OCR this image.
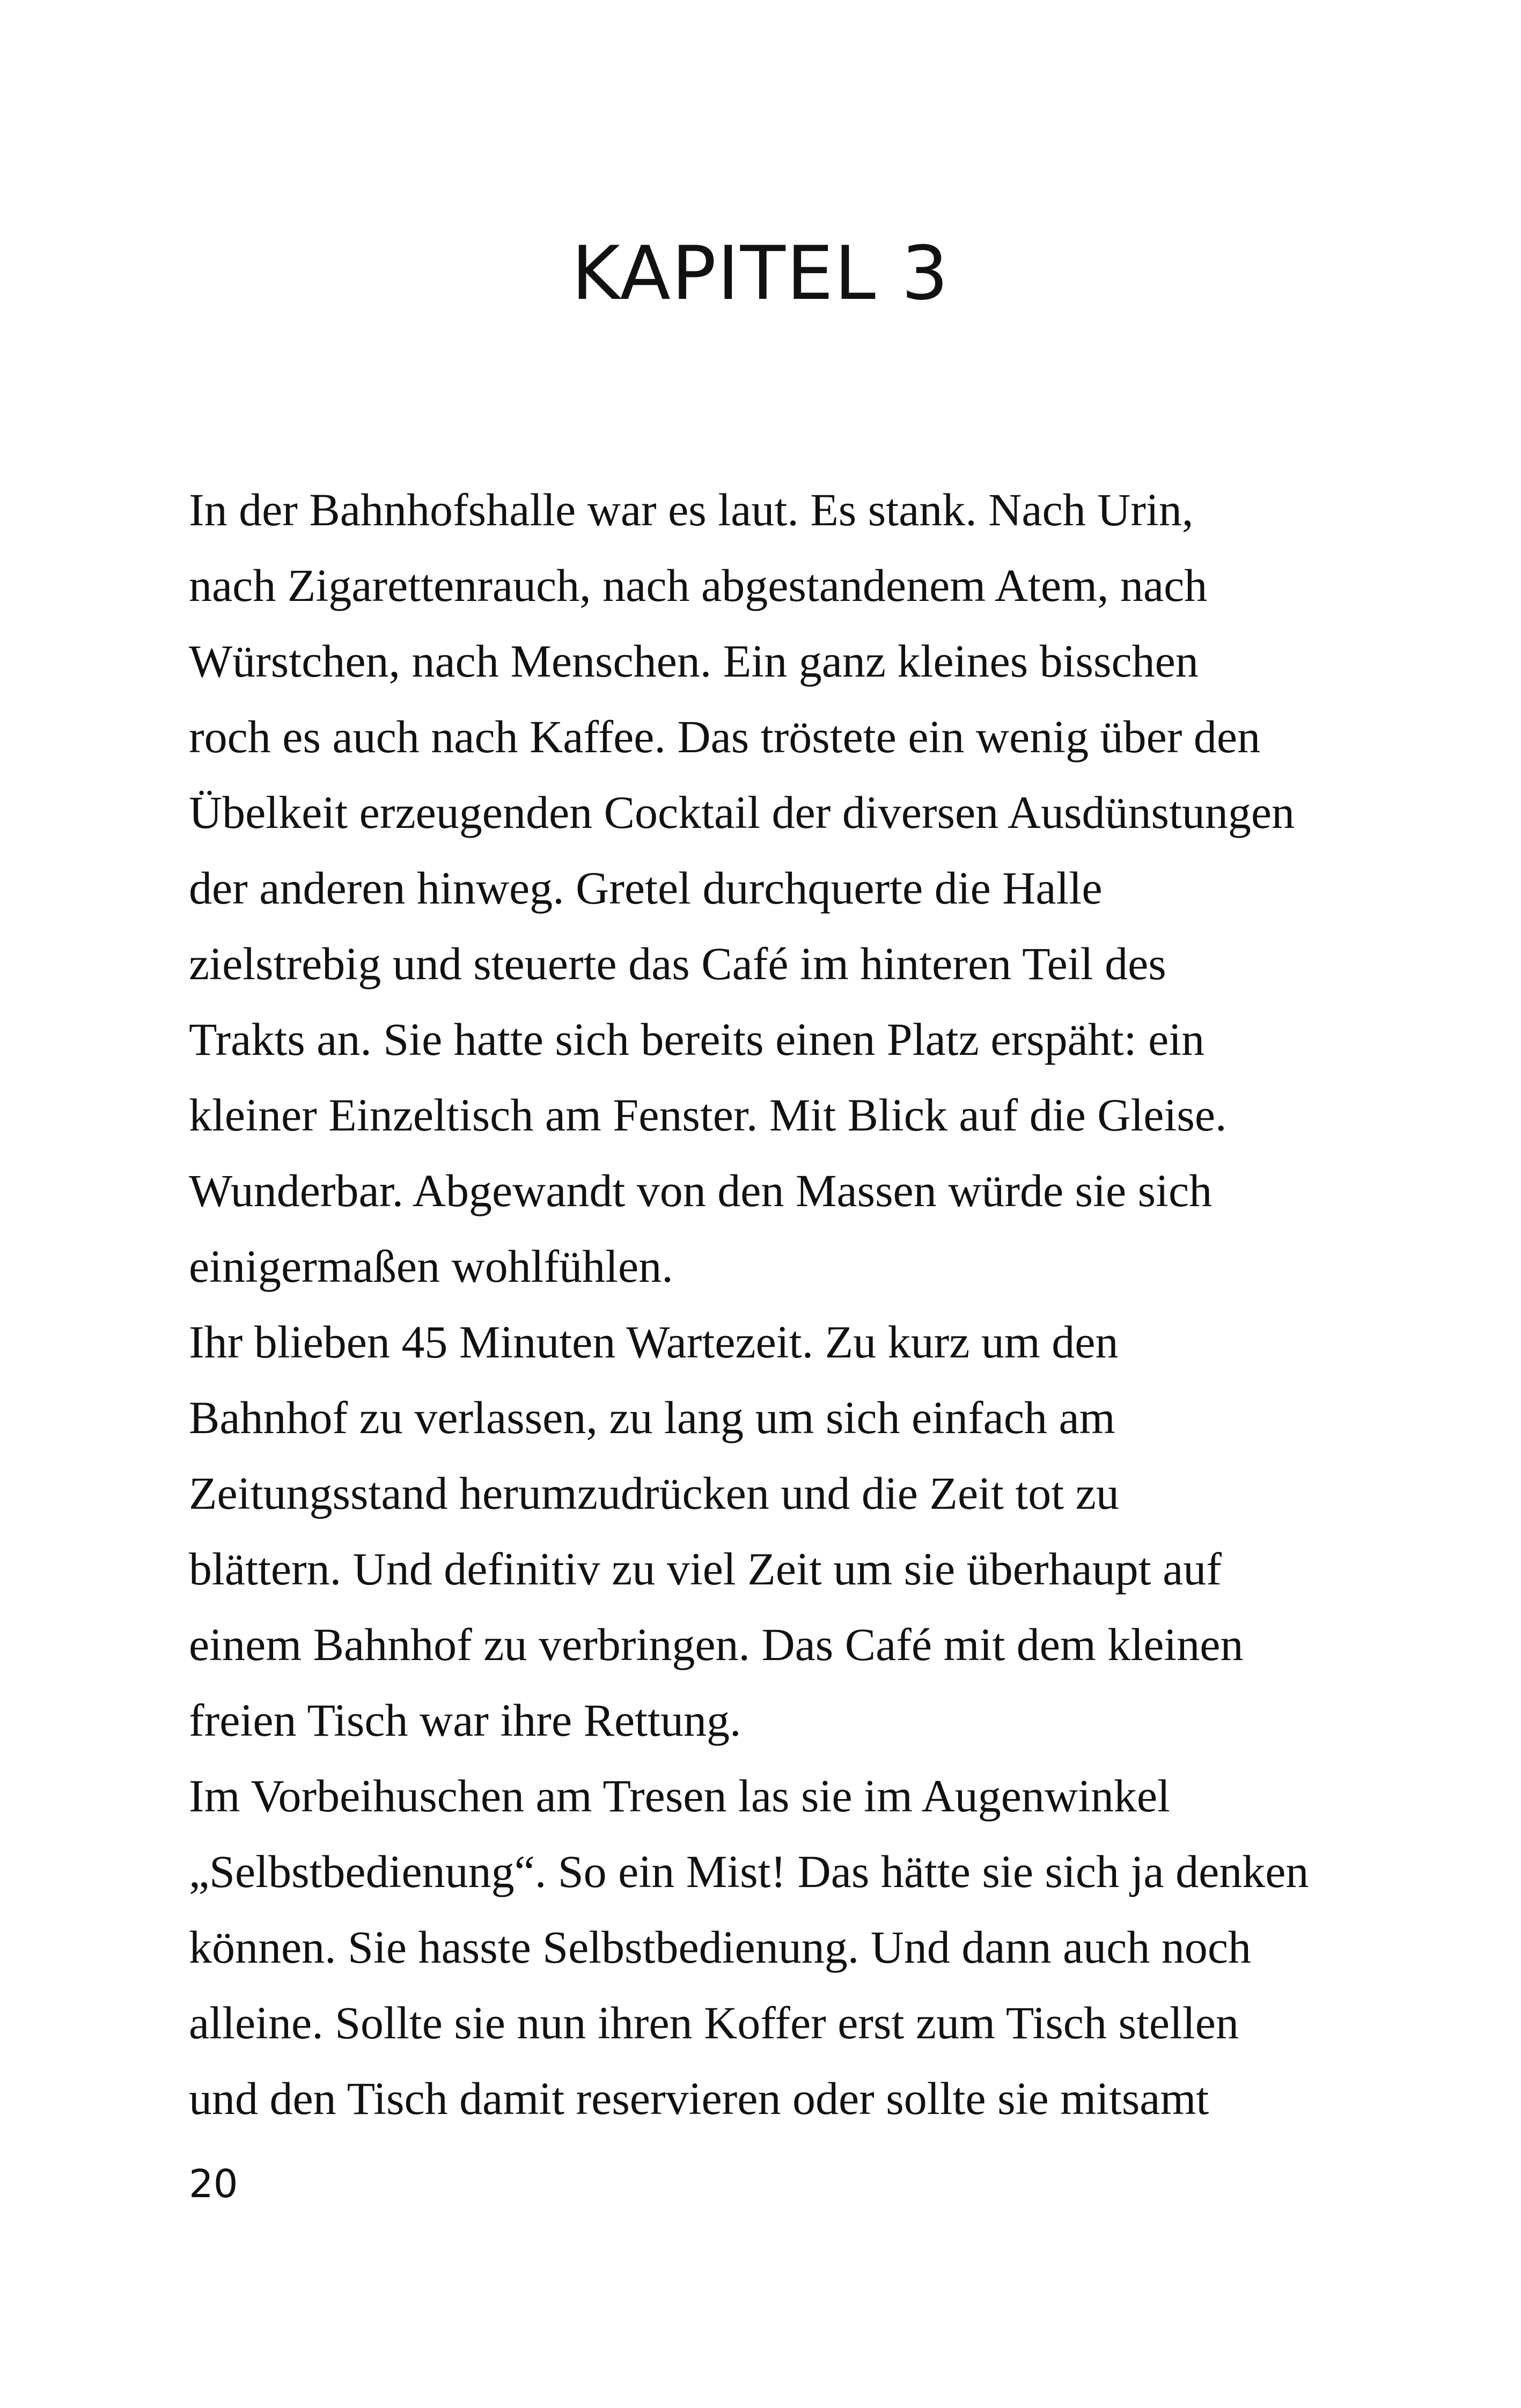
KAPITEL 3
In der Bahnhofshalle war es laut. Es stank. Nach Urin,
nach Zigarettenrauch, nach abgestandenem Atem, nach
Würstchen, nach Menschen. Ein ganz kleines bisschen
roch es auch nach Kaffee. Das tröstete ein wenig über den
Übelkeit erzeugenden Cocktail der diversen Ausdünstungen
der anderen hinweg. Gretel durchquerte die Halle
zielstrebig und steuerte das Café im hinteren Teil des
Trakts an. Sie hatte sich bereits einen Platz erspäht: ein
kleiner Einzeltisch am Fenster. Mit Blick auf die Gleise.
Wunderbar. Abgewandt von den Massen würde sie sich
einigermaßen wohlfühlen.
Ihr blieben 45 Minuten Wartezeit. Zu kurz um den
Bahnhof zu verlassen, zu lang um sich einfach am
Zeitungsstand herumzudrücken und die Zeit tot zu
blättern. Und definitiv zu viel Zeit um sie überhaupt auf
einem Bahnhof zu verbringen. Das Café mit dem kleinen
freien Tisch war ihre Rettung.
Im Vorbeihuschen am Tresen las sie im Augenwinkel
„Selbstbedienung“. So ein Mist! Das hätte sie sich ja denken
können. Sie hasste Selbstbedienung. Und dann auch noch
alleine. Sollte sie nun ihren Koffer erst zum Tisch stellen
und den Tisch damit reservieren oder sollte sie mitsamt
20
